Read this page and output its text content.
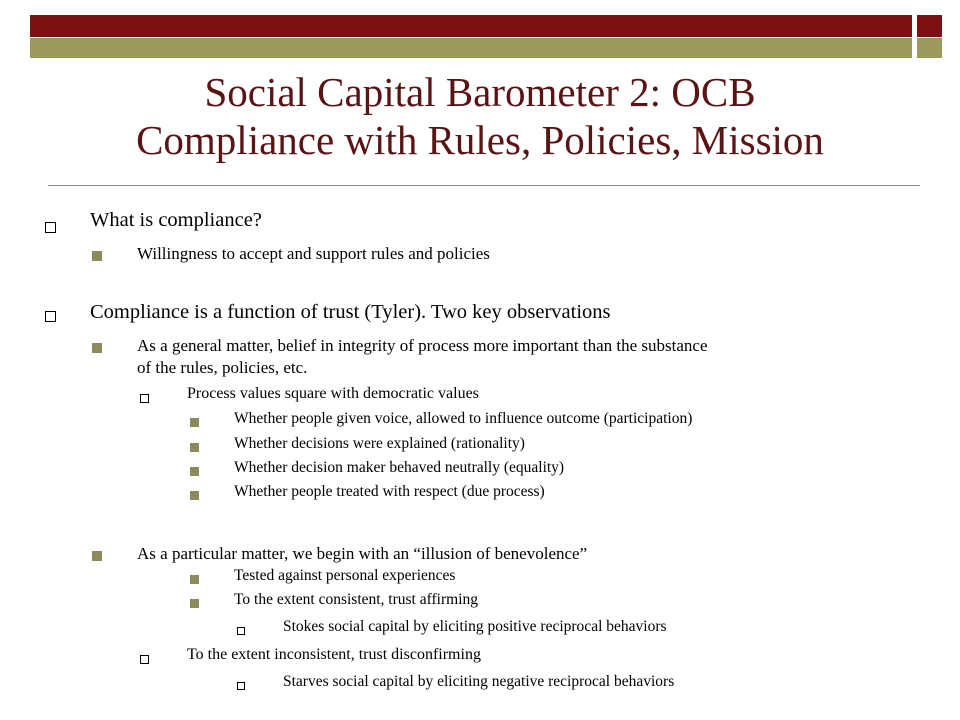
Social Capital Barometer 2: OCB
Compliance with Rules, Policies, Mission
What is compliance?
Willingness to accept and support rules and policies
Compliance is a function of trust (Tyler). Two key observations
As a general matter, belief in integrity of process more important than the substance
of the rules, policies, etc.
Process values square with democratic values
Whether people given voice, allowed to influence outcome (participation)
Whether decisions were explained (rationality)
Whether decision maker behaved neutrally (equality)
Whether people treated with respect (due process)
As a particular matter, we begin with an “illusion of benevolence”
Tested against personal experiences
To the extent consistent, trust affirming
Stokes social capital by eliciting positive reciprocal behaviors
To the extent inconsistent, trust disconfirming
Starves social capital by eliciting negative reciprocal behaviors
